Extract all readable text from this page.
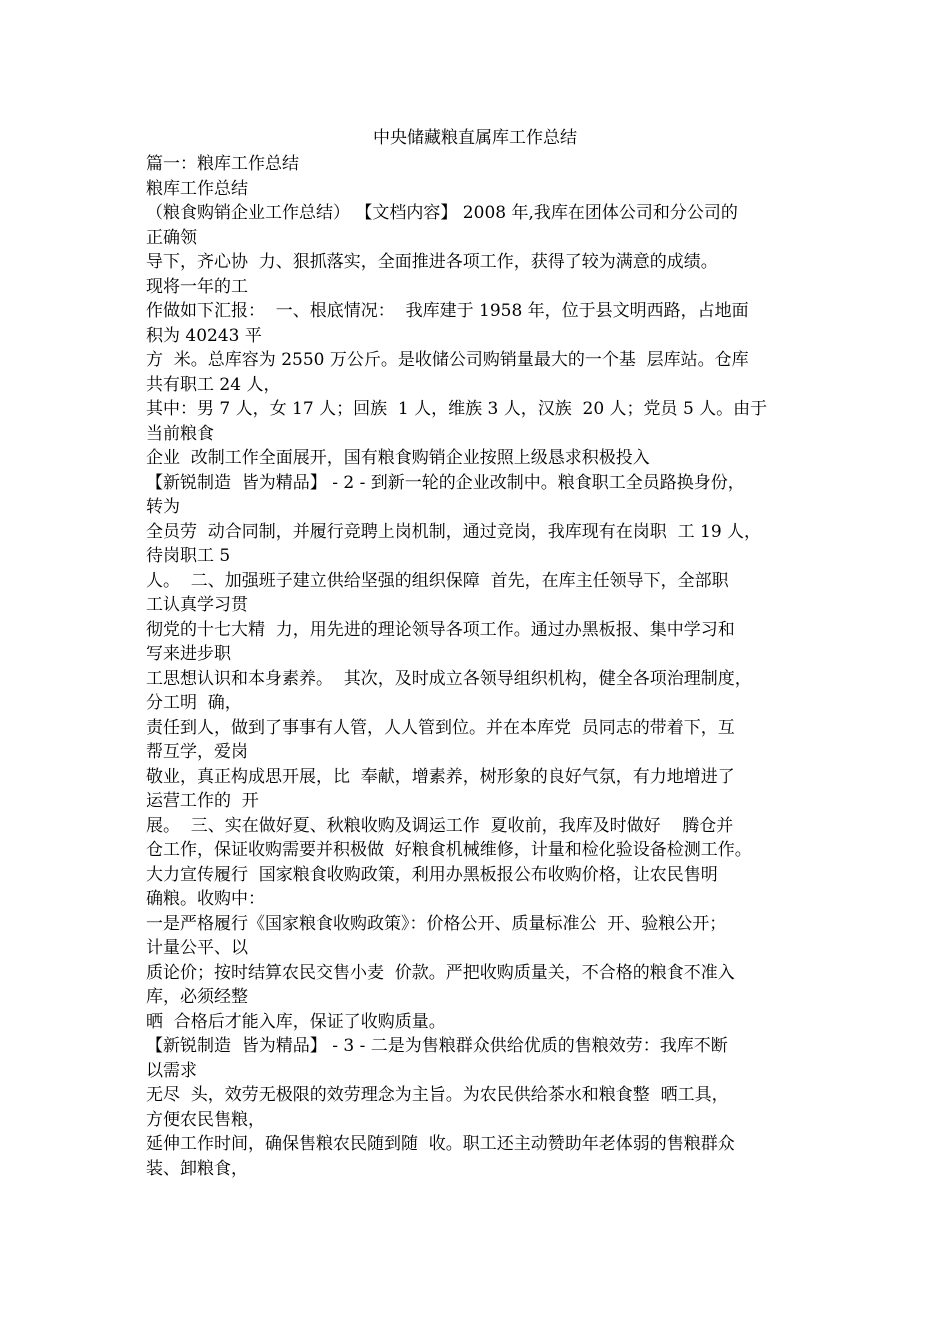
中央储藏粮直属库工作总结
篇一：粮库工作总结
粮库工作总结
（粮食购销企业工作总结） 【文档内容】 2008 年,我库在团体公司和分公司的
正确领
导下，齐心协  力、狠抓落实，全面推进各项工作，获得了较为满意的成绩。
现将一年的工
作做如下汇报：  一、根底情况：  我库建于 1958 年，位于县文明西路，占地面
积为 40243 平
方  米。总库容为 2550 万公斤。是收储公司购销量最大的一个基  层库站。仓库
共有职工 24 人，
其中：男 7 人，女 17 人；回族  1 人，维族 3 人，汉族  20 人；党员 5 人。由于
当前粮食
企业  改制工作全面展开，国有粮食购销企业按照上级恳求积极投入
【新锐制造  皆为精品】 - 2 - 到新一轮的企业改制中。粮食职工全员路换身份，
转为
全员劳  动合同制，并履行竞聘上岗机制，通过竞岗，我库现有在岗职  工 19 人，
待岗职工 5
人。  二、加强班子建立供给坚强的组织保障  首先，在库主任领导下，全部职
工认真学习贯
彻党的十七大精  力，用先进的理论领导各项工作。通过办黑板报、集中学习和
写来进步职
工思想认识和本身素养。  其次，及时成立各领导组织机构，健全各项治理制度，
分工明  确，
责任到人，做到了事事有人管，人人管到位。并在本库党  员同志的带着下，互
帮互学，爱岗
敬业，真正构成思开展，比  奉献，增素养，树形象的良好气氛，有力地增进了
运营工作的  开
展。  三、实在做好夏、秋粮收购及调运工作  夏收前，我库及时做好    腾仓并
仓工作，保证收购需要并积极做  好粮食机械维修，计量和检化验设备检测工作。
大力宣传履行  国家粮食收购政策，利用办黑板报公布收购价格，让农民售明
确粮。收购中：
一是严格履行《国家粮食收购政策》：价格公开、质量标准公  开、验粮公开；
计量公平、以
质论价；按时结算农民交售小麦  价款。严把收购质量关，不合格的粮食不准入
库，必须经整
晒  合格后才能入库，保证了收购质量。
【新锐制造  皆为精品】 - 3 - 二是为售粮群众供给优质的售粮效劳：我库不断
以需求
无尽  头，效劳无极限的效劳理念为主旨。为农民供给茶水和粮食整  晒工具，
方便农民售粮，
延伸工作时间，确保售粮农民随到随  收。职工还主动赞助年老体弱的售粮群众
装、卸粮食，
